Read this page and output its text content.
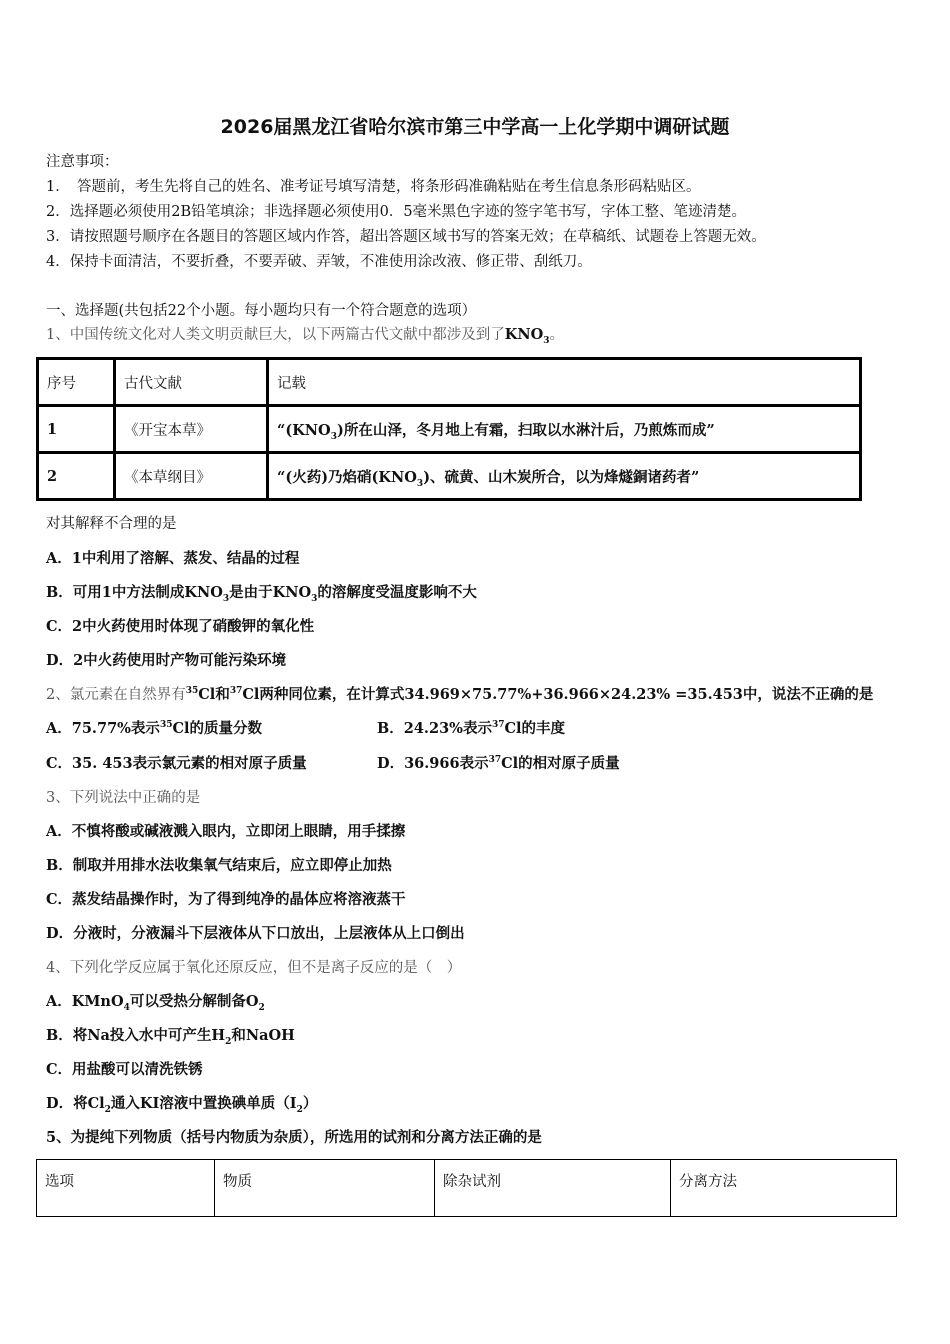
2026届黑龙江省哈尔滨市第三中学高一上化学期中调研试题
注意事项：
1．　答题前，考生先将自己的姓名、准考证号填写清楚，将条形码准确粘贴在考生信息条形码粘贴区。
2．选择题必须使用2B铅笔填涂；非选择题必须使用0．5毫米黑色字迹的签字笔书写，字体工整、笔迹清楚。
3．请按照题号顺序在各题目的答题区域内作答，超出答题区域书写的答案无效；在草稿纸、试题卷上答题无效。
4．保持卡面清洁，不要折叠，不要弄破、弄皱，不准使用涂改液、修正带、刮纸刀。
一、选择题(共包括22个小题。每小题均只有一个符合题意的选项）
1、中国传统文化对人类文明贡献巨大，以下两篇古代文献中都涉及到了$KNO_3$。
序号	古代文献	记载
1	《开宝本草》	“$(KNO_3)$所在山泽，冬月地上有霜，扫取以水淋汁后，乃煎炼而成”
2	《本草纲目》	“(火药)乃焰硝$(KNO_3)$、硫黄、山木炭所合，以为烽燧銅诸药者”
对其解释不合理的是
A．1中利用了溶解、蒸发、结晶的过程
B．可用1中方法制成$KNO_3$是由于$KNO_3$的溶解度受温度影响不大
C．2中火药使用时体现了硝酸钾的氧化性
D．2中火药使用时产物可能污染环境
2、氯元素在自然界有$^{35}$Cl和$^{37}$Cl两种同位素，在计算式34.969×75.77%+36.966×24.23% =35.453中，说法不正确的是
A．75.77%表示$^{35}$Cl的质量分数	B．24.23%表示$^{37}$Cl的丰度
C．35. 453表示氯元素的相对原子质量	D．36.966表示$^{37}$Cl的相对原子质量
3、下列说法中正确的是
A．不慎将酸或碱液溅入眼内，立即闭上眼睛，用手揉擦
B．制取并用排水法收集氧气结束后，应立即停止加热
C．蒸发结晶操作时，为了得到纯净的晶体应将溶液蒸干
D．分液时，分液漏斗下层液体从下口放出，上层液体从上口倒出
4、下列化学反应属于氧化还原反应，但不是离子反应的是（　）
A．KMnO$_4$可以受热分解制备$O_2$
B．将Na投入水中可产生$H_2$和NaOH
C．用盐酸可以清洗铁锈
D．将$Cl_2$通入KI溶液中置换碘单质$(I_2)$
5、为提纯下列物质（括号内物质为杂质），所选用的试剂和分离方法正确的是
选项	物质	除杂试剂	分离方法
